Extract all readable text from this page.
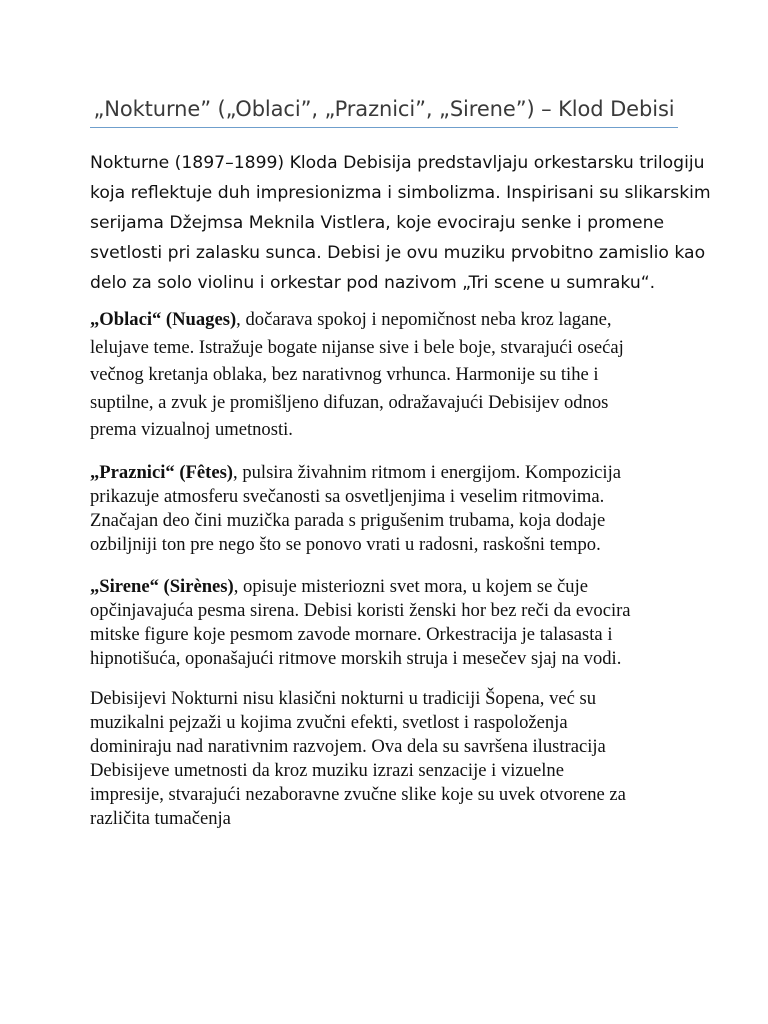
„Nokturne” („Oblaci”, „Praznici”, „Sirene”) – Klod Debisi
Nokturne (1897–1899) Kloda Debisija predstavljaju orkestarsku trilogiju
koja reflektuje duh impresionizma i simbolizma. Inspirisani su slikarskim
serijama Džejmsa Meknila Vistlera, koje evociraju senke i promene
svetlosti pri zalasku sunca. Debisi je ovu muziku prvobitno zamislio kao
delo za solo violinu i orkestar pod nazivom „Tri scene u sumraku“.
„Oblaci“ (Nuages), dočarava spokoj i nepomičnost neba kroz lagane,
lelujave teme. Istražuje bogate nijanse sive i bele boje, stvarajući osećaj
večnog kretanja oblaka, bez narativnog vrhunca. Harmonije su tihe i
suptilne, a zvuk je promišljeno difuzan, odražavajući Debisijev odnos
prema vizualnoj umetnosti.
„Praznici“ (Fêtes), pulsira živahnim ritmom i energijom. Kompozicija
prikazuje atmosferu svečanosti sa osvetljenjima i veselim ritmovima.
Značajan deo čini muzička parada s prigušenim trubama, koja dodaje
ozbiljniji ton pre nego što se ponovo vrati u radosni, raskošni tempo.
„Sirene“ (Sirènes), opisuje misteriozni svet mora, u kojem se čuje
opčinjavajuća pesma sirena. Debisi koristi ženski hor bez reči da evocira
mitske figure koje pesmom zavode mornare. Orkestracija je talasasta i
hipnotišuća, oponašajući ritmove morskih struja i mesečev sjaj na vodi.
Debisijevi Nokturni nisu klasični nokturni u tradiciji Šopena, već su
muzikalni pejzaži u kojima zvučni efekti, svetlost i raspoloženja
dominiraju nad narativnim razvojem. Ova dela su savršena ilustracija
Debisijeve umetnosti da kroz muziku izrazi senzacije i vizuelne
impresije, stvarajući nezaboravne zvučne slike koje su uvek otvorene za
različita tumačenja
